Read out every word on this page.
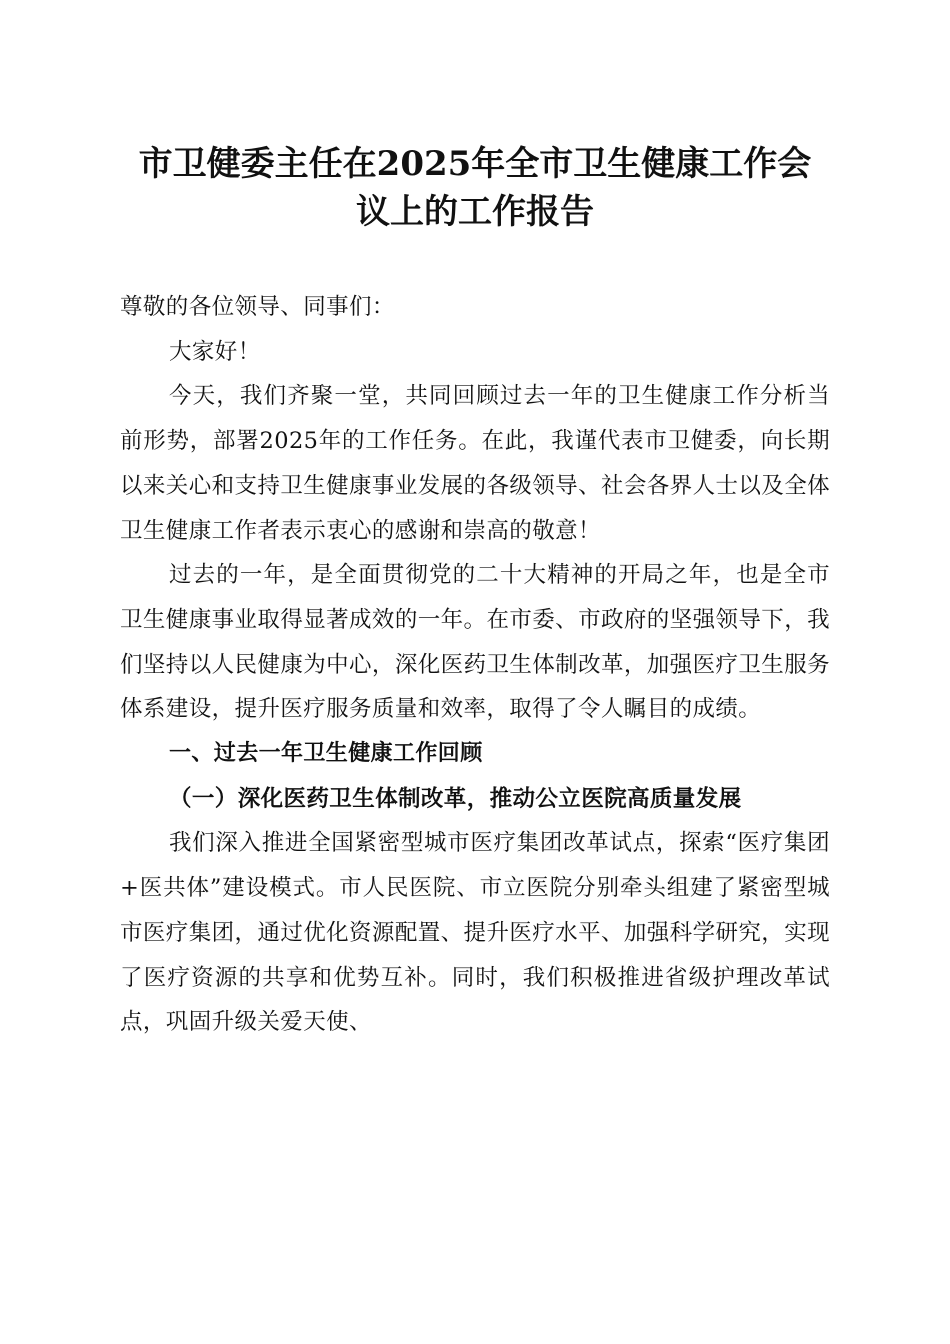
市卫健委主任在2025年全市卫生健康工作会
议上的工作报告

尊敬的各位领导、同事们：

大家好！

今天，我们齐聚一堂，共同回顾过去一年的卫生健康工作分析当前形势，部署2025年的工作任务。在此，我谨代表市卫健委，向长期以来关心和支持卫生健康事业发展的各级领导、社会各界人士以及全体卫生健康工作者表示衷心的感谢和崇高的敬意！

过去的一年，是全面贯彻党的二十大精神的开局之年，也是全市卫生健康事业取得显著成效的一年。在市委、市政府的坚强领导下，我们坚持以人民健康为中心，深化医药卫生体制改革，加强医疗卫生服务体系建设，提升医疗服务质量和效率，取得了令人瞩目的成绩。

一、过去一年卫生健康工作回顾

（一）深化医药卫生体制改革，推动公立医院高质量发展

我们深入推进全国紧密型城市医疗集团改革试点，探索“医疗集团+医共体”建设模式。市人民医院、市立医院分别牵头组建了紧密型城市医疗集团，通过优化资源配置、提升医疗水平、加强科学研究，实现了医疗资源的共享和优势互补。同时，我们积极推进省级护理改革试点，巩固升级关爱天使、
